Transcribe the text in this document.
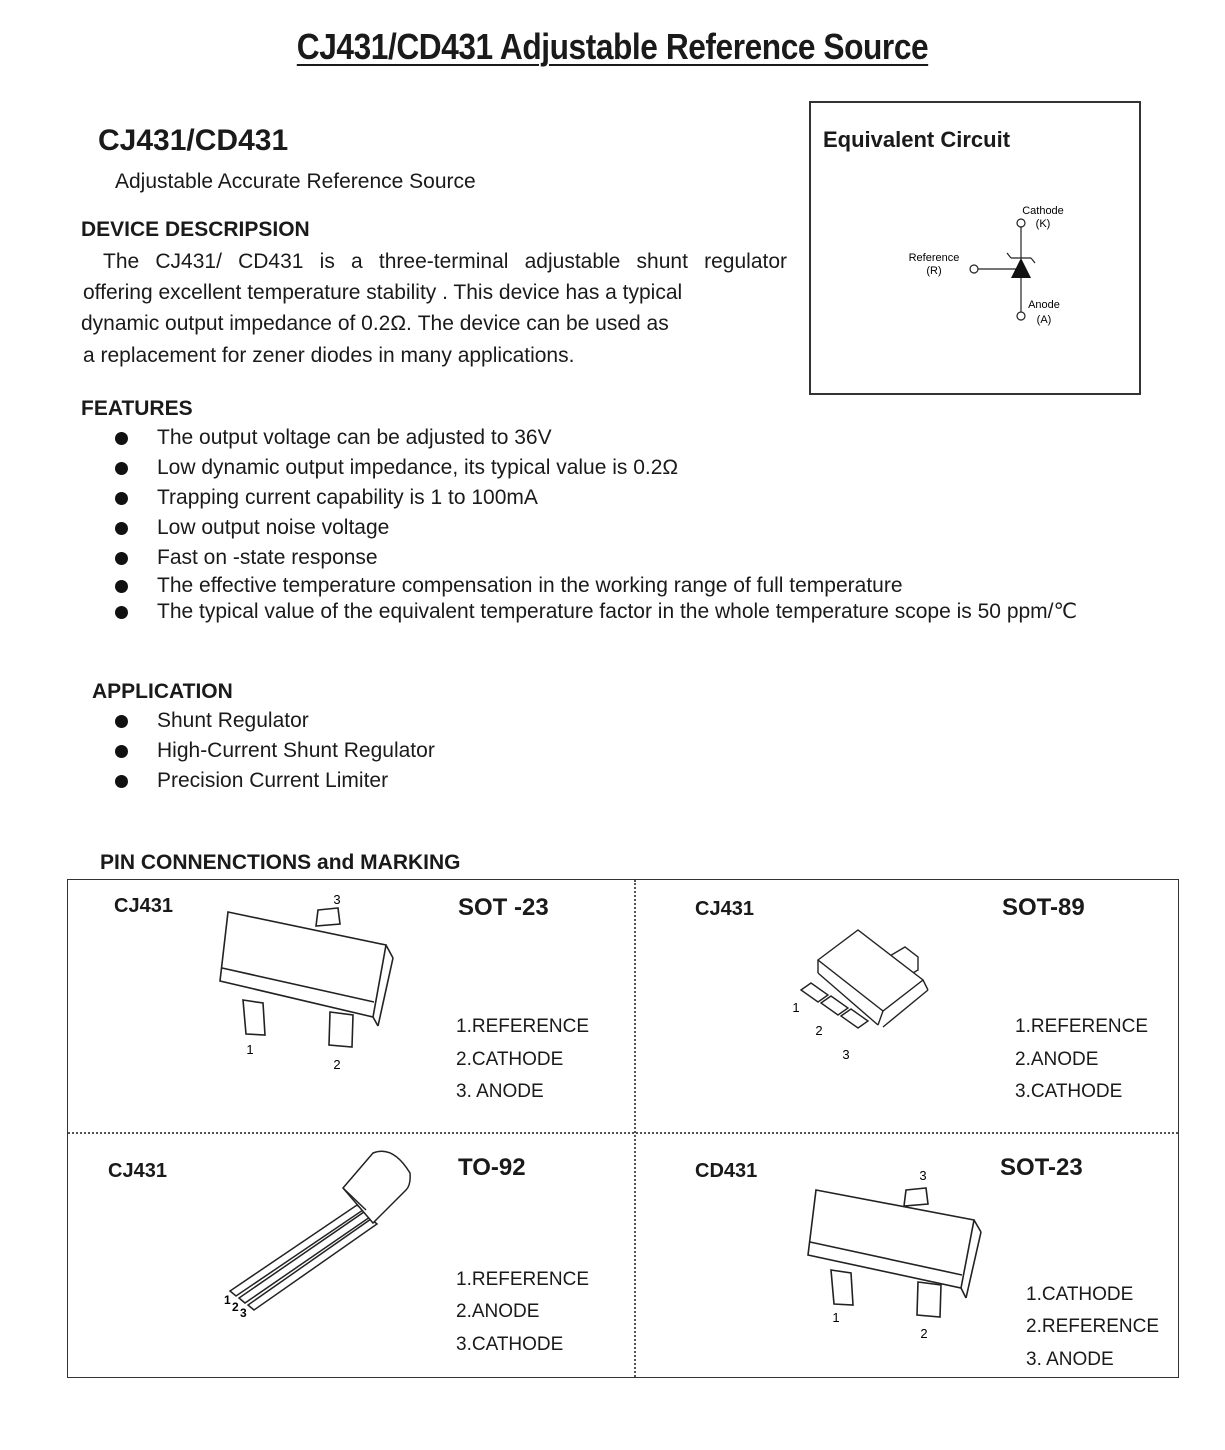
CJ431/CD431 Adjustable Reference Source
CJ431/CD431
Adjustable Accurate Reference Source
DEVICE DESCRIPSION

The CJ431/ CD431 is a three-terminal adjustable shunt regulator

offering excellent temperature stability . This device has a typical

dynamic output impedance of 0.2Ω. The device can be used as

a replacement for zener diodes in many applications.

Equivalent Circuit
Cathode
(K)
Reference
(R)
Anode
(A)
FEATURES
The output voltage can be adjusted to 36V
Low dynamic output impedance, its typical value is 0.2Ω
Trapping current capability is 1 to 100mA
Low output noise voltage
Fast on -state response
The effective temperature compensation in the working range of full temperature
The typical value of the equivalent temperature factor in the whole temperature scope is 50 ppm/℃
APPLICATION
Shunt Regulator
High-Current Shunt Regulator
Precision Current Limiter
PIN CONNENCTIONS and MARKING
CJ431	SOT -23
3
1
2
1.REFERENCE
2.CATHODE
3. ANODE
CJ431	SOT-89
1
2
3
1.REFERENCE
2.ANODE
3.CATHODE
CJ431	TO-92
1 2 3
1.REFERENCE
2.ANODE
3.CATHODE
CD431	SOT-23
3
1
2
1.CATHODE
2.REFERENCE
3. ANODE
